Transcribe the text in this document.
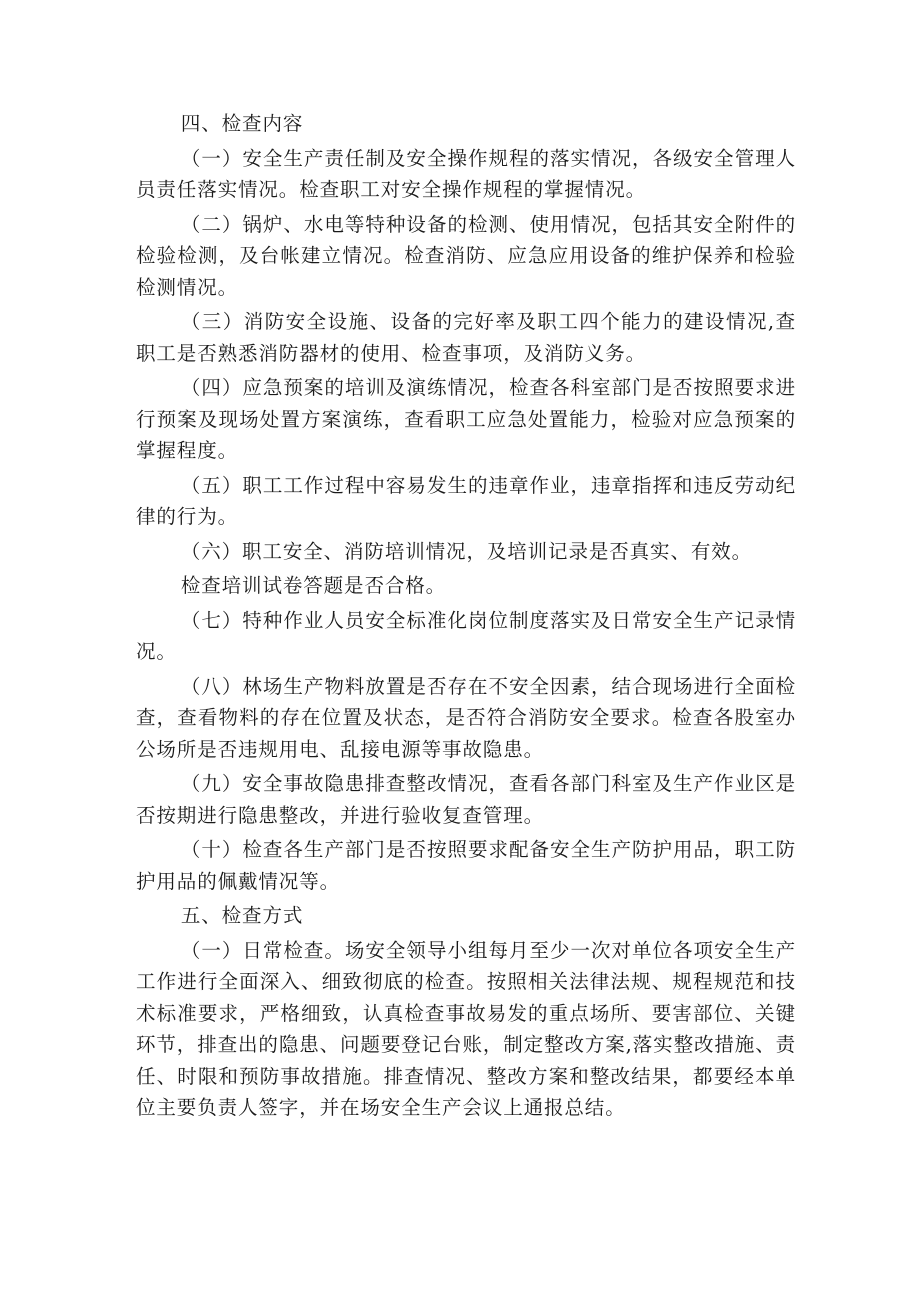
四、检查内容

（一）安全生产责任制及安全操作规程的落实情况，各级安全管理人员责任落实情况。检查职工对安全操作规程的掌握情况。

（二）锅炉、水电等特种设备的检测、使用情况，包括其安全附件的检验检测，及台帐建立情况。检查消防、应急应用设备的维护保养和检验检测情况。

（三）消防安全设施、设备的完好率及职工四个能力的建设情况,查职工是否熟悉消防器材的使用、检查事项，及消防义务。

（四）应急预案的培训及演练情况，检查各科室部门是否按照要求进行预案及现场处置方案演练，查看职工应急处置能力，检验对应急预案的掌握程度。

（五）职工工作过程中容易发生的违章作业，违章指挥和违反劳动纪律的行为。

（六）职工安全、消防培训情况，及培训记录是否真实、有效。

检查培训试卷答题是否合格。

（七）特种作业人员安全标准化岗位制度落实及日常安全生产记录情况。

（八）林场生产物料放置是否存在不安全因素，结合现场进行全面检查，查看物料的存在位置及状态，是否符合消防安全要求。检查各股室办公场所是否违规用电、乱接电源等事故隐患。

（九）安全事故隐患排查整改情况，查看各部门科室及生产作业区是否按期进行隐患整改，并进行验收复查管理。

（十）检查各生产部门是否按照要求配备安全生产防护用品，职工防护用品的佩戴情况等。

五、检查方式

（一）日常检查。场安全领导小组每月至少一次对单位各项安全生产工作进行全面深入、细致彻底的检查。按照相关法律法规、规程规范和技术标准要求，严格细致，认真检查事故易发的重点场所、要害部位、关键环节，排查出的隐患、问题要登记台账，制定整改方案,落实整改措施、责任、时限和预防事故措施。排查情况、整改方案和整改结果，都要经本单位主要负责人签字，并在场安全生产会议上通报总结。
